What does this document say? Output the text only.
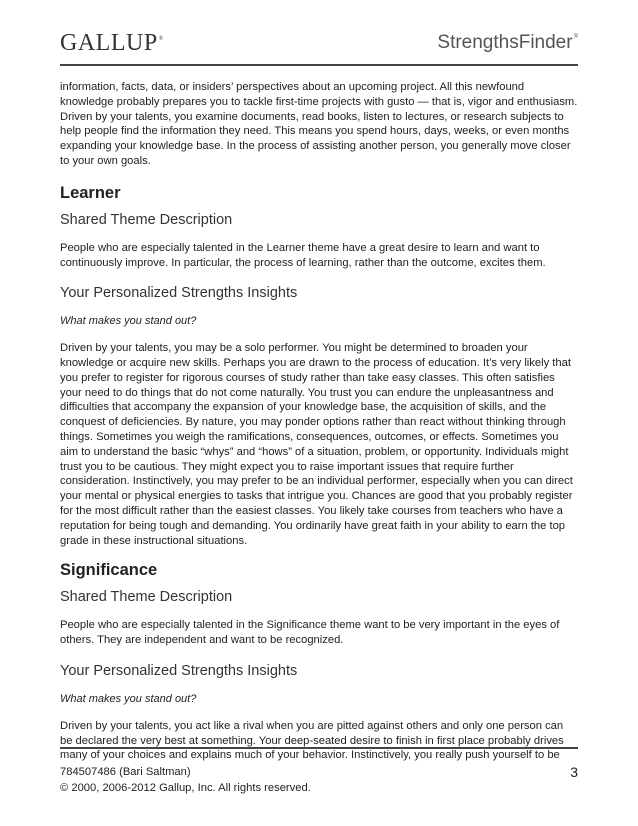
GALLUP®	StrengthsFinder®

information, facts, data, or insiders’ perspectives about an upcoming project. All this newfound knowledge probably prepares you to tackle first-time projects with gusto — that is, vigor and enthusiasm. Driven by your talents, you examine documents, read books, listen to lectures, or research subjects to help people find the information they need. This means you spend hours, days, weeks, or even months expanding your knowledge base. In the process of assisting another person, you generally move closer to your own goals.

Learner
Shared Theme Description

People who are especially talented in the Learner theme have a great desire to learn and want to continuously improve. In particular, the process of learning, rather than the outcome, excites them.

Your Personalized Strengths Insights

What makes you stand out?

Driven by your talents, you may be a solo performer. You might be determined to broaden your knowledge or acquire new skills. Perhaps you are drawn to the process of education. It’s very likely that you prefer to register for rigorous courses of study rather than take easy classes. This often satisfies your need to do things that do not come naturally. You trust you can endure the unpleasantness and difficulties that accompany the expansion of your knowledge base, the acquisition of skills, and the conquest of deficiencies. By nature, you may ponder options rather than react without thinking through things. Sometimes you weigh the ramifications, consequences, outcomes, or effects. Sometimes you aim to understand the basic “whys” and “hows” of a situation, problem, or opportunity. Individuals might trust you to be cautious. They might expect you to raise important issues that require further consideration. Instinctively, you may prefer to be an individual performer, especially when you can direct your mental or physical energies to tasks that intrigue you. Chances are good that you probably register for the most difficult rather than the easiest classes. You likely take courses from teachers who have a reputation for being tough and demanding. You ordinarily have great faith in your ability to earn the top grade in these instructional situations.

Significance
Shared Theme Description

People who are especially talented in the Significance theme want to be very important in the eyes of others. They are independent and want to be recognized.

Your Personalized Strengths Insights

What makes you stand out?

Driven by your talents, you act like a rival when you are pitted against others and only one person can be declared the very best at something. Your deep-seated desire to finish in first place probably drives many of your choices and explains much of your behavior. Instinctively, you really push yourself to be

784507486 (Bari Saltman)
© 2000, 2006-2012 Gallup, Inc. All rights reserved.
3
